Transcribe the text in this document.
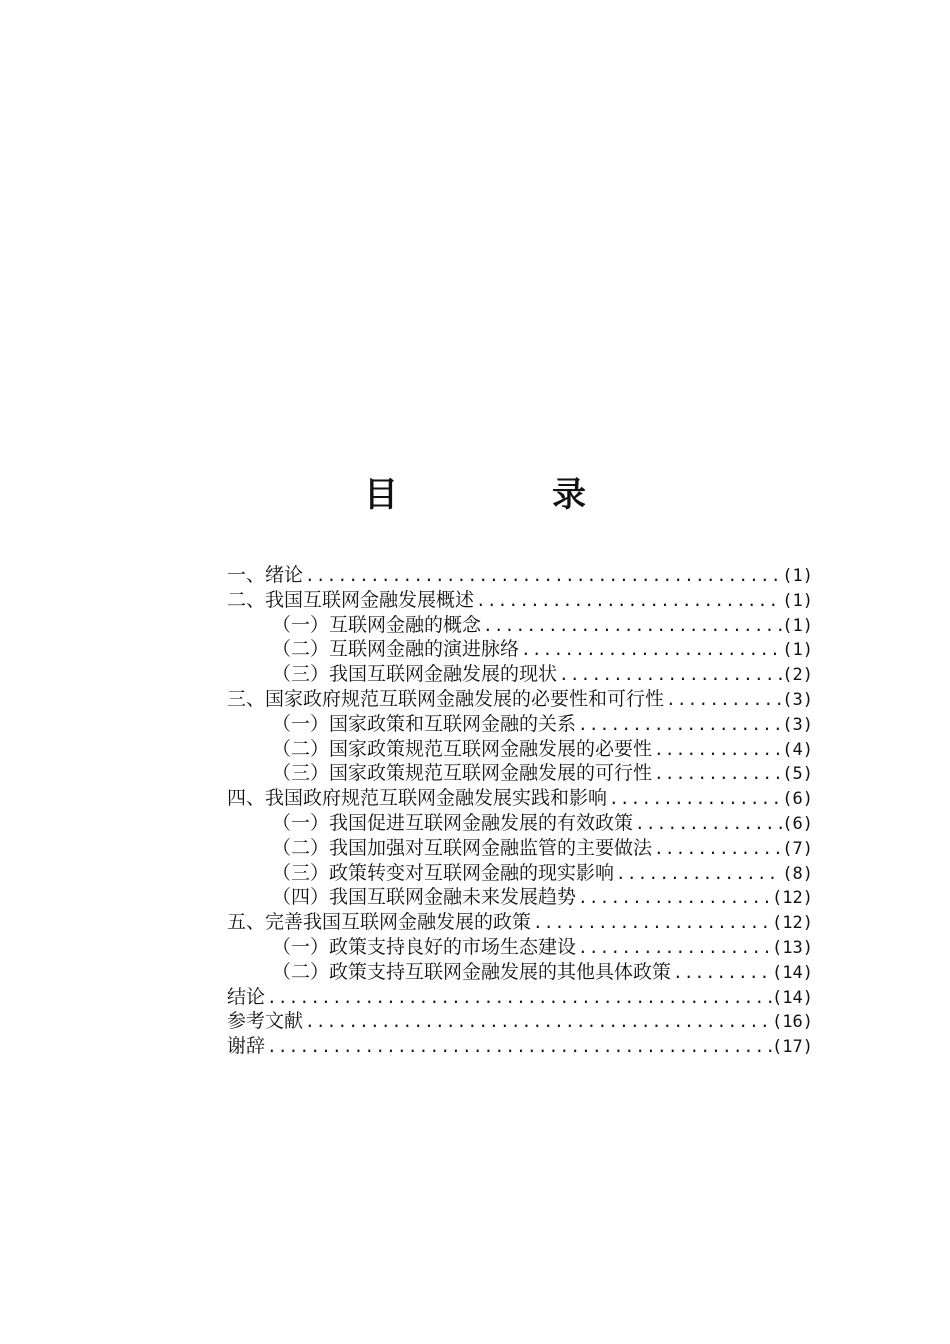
目　录
一、绪论 .....	(1)
二、我国互联网金融发展概述 .....	(1)
（一）互联网金融的概念 .....	(1)
（二）互联网金融的演进脉络 .....	(1)
（三）我国互联网金融发展的现状 .....	(2)
三、国家政府规范互联网金融发展的必要性和可行性 .....	(3)
（一）国家政策和互联网金融的关系 .....	(3)
（二）国家政策规范互联网金融发展的必要性 .....	(4)
（三）国家政策规范互联网金融发展的可行性 .....	(5)
四、我国政府规范互联网金融发展实践和影响 .....	(6)
（一）我国促进互联网金融发展的有效政策 .....	(6)
（二）我国加强对互联网金融监管的主要做法 .....	(7)
（三）政策转变对互联网金融的现实影响 .....	(8)
（四）我国互联网金融未来发展趋势 .....	(12)
五、完善我国互联网金融发展的政策 .....	(12)
（一）政策支持良好的市场生态建设 .....	(13)
（二）政策支持互联网金融发展的其他具体政策 .....	(14)
结论 .....	(14)
参考文献 .....	(16)
谢辞 .....	(17)
